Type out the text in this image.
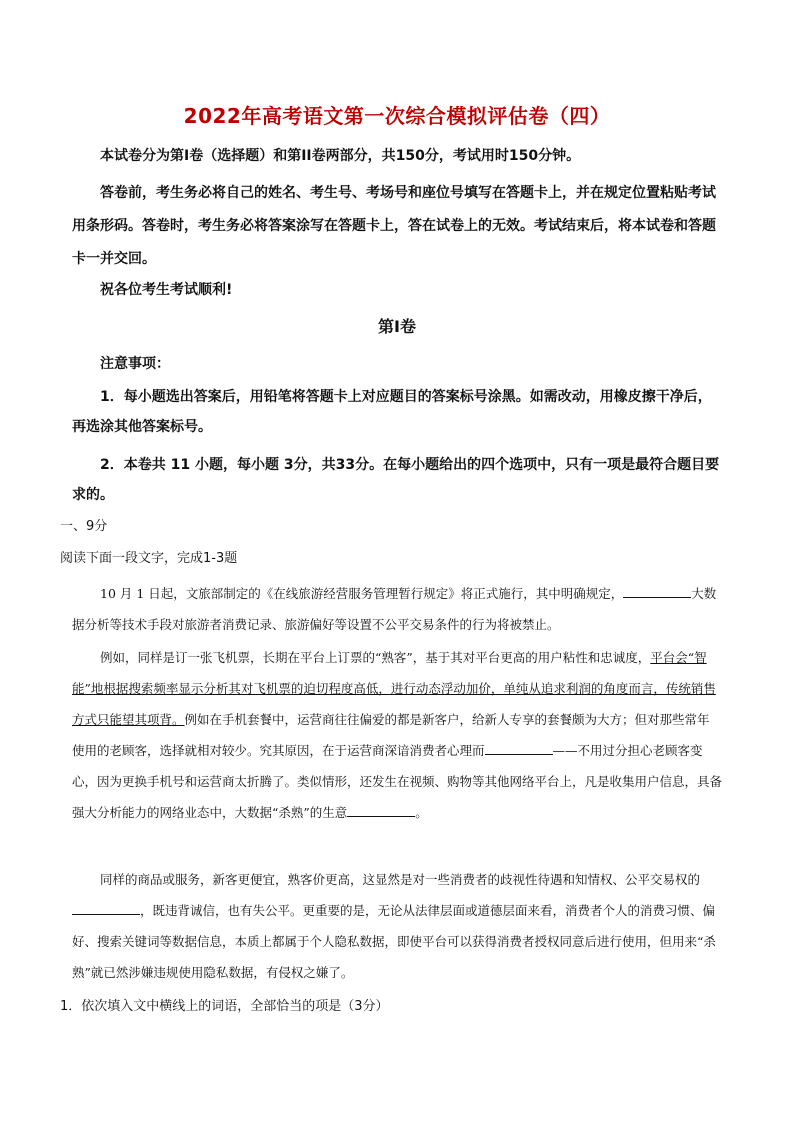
2022年高考语文第一次综合模拟评估卷（四）
本试卷分为第Ⅰ卷（选择题）和第II卷两部分，共150分，考试用时150分钟。
答卷前，考生务必将自己的姓名、考生号、考场号和座位号填写在答题卡上，并在规定位置粘贴考试用条形码。答卷时，考生务必将答案涂写在答题卡上，答在试卷上的无效。考试结束后，将本试卷和答题卡一并交回。
祝各位考生考试顺利!
第Ⅰ卷
注意事项：
1．每小题选出答案后，用铅笔将答题卡上对应题目的答案标号涂黑。如需改动，用橡皮擦干净后，再选涂其他答案标号。
2．本卷共 11 小题，每小题 3分，共33分。在每小题给出的四个选项中，只有一项是最符合题目要求的。
一、9分
阅读下面一段文字，完成1-3题
10 月 1 日起，文旅部制定的《在线旅游经营服务管理暂行规定》将正式施行，其中明确规定，	大数据分析等技术手段对旅游者消费记录、旅游偏好等设置不公平交易条件的行为将被禁止。
例如，同样是订一张飞机票，长期在平台上订票的“熟客”，基于其对平台更高的用户粘性和忠诚度，平台会“智能”地根据搜索频率显示分析其对飞机票的迫切程度高低，进行动态浮动加价，单纯从追求利润的角度而言，传统销售方式只能望其项背。例如在手机套餐中，运营商往往偏爱的都是新客户，给新人专享的套餐颇为大方；但对那些常年使用的老顾客，选择就相对较少。究其原因，在于运营商深谙消费者心理而	——不用过分担心老顾客变心，因为更换手机号和运营商太折腾了。类似情形，还发生在视频、购物等其他网络平台上，凡是收集用户信息，具备强大分析能力的网络业态中，大数据“杀熟”的生意	。
同样的商品或服务，新客更便宜，熟客价更高，这显然是对一些消费者的歧视性待遇和知情权、公平交易权的，既违背诚信，也有失公平。更重要的是，无论从法律层面或道德层面来看，消费者个人的消费习惯、偏好、搜索关键词等数据信息，本质上都属于个人隐私数据，即使平台可以获得消费者授权同意后进行使用，但用来“杀熟”就已然涉嫌违规使用隐私数据，有侵权之嫌了。
1．依次填入文中横线上的词语，全部恰当的项是（3分）
